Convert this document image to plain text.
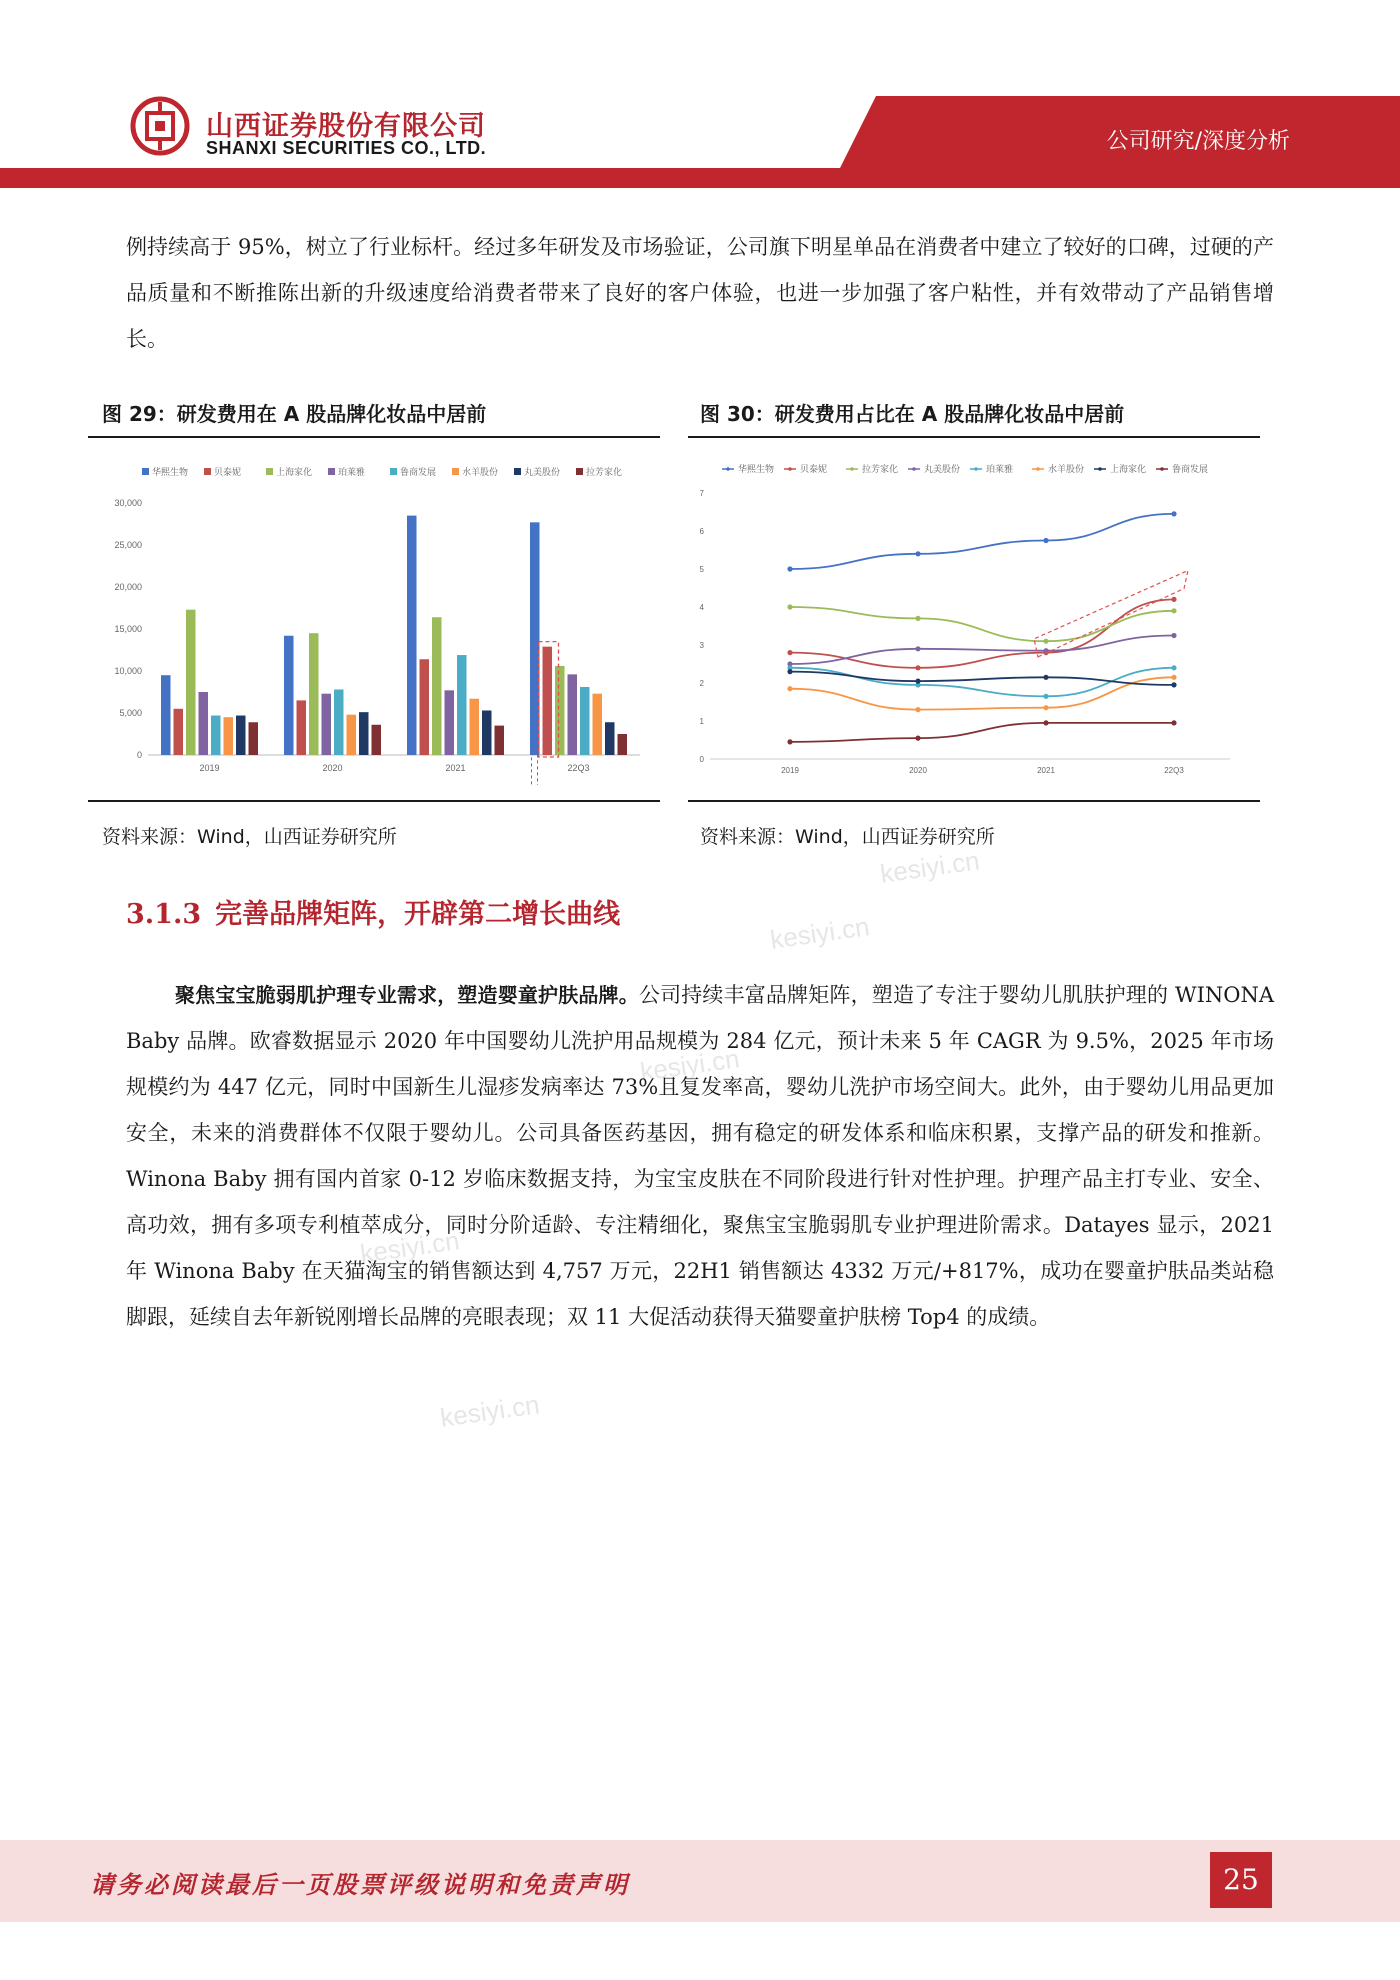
山西证券股份有限公司
SHANXI SECURITIES CO., LTD.	公司研究/深度分析

例持续高于 95%，树立了行业标杆。经过多年研发及市场验证，公司旗下明星单品在消费者中建立了较好的口碑，过硬的产品质量和不断推陈出新的升级速度给消费者带来了良好的客户体验，也进一步加强了客户粘性，并有效带动了产品销售增长。

图 29：研发费用在 A 股品牌化妆品中居前
华熙生物	贝泰妮	上海家化	珀莱雅	鲁商发展	水羊股份	丸美股份	拉芳家化
0
5,000
10,000
15,000
20,000
25,000
30,000
2019	2020	2021	22Q3
资料来源：Wind，山西证券研究所
图 30：研发费用占比在 A 股品牌化妆品中居前
华熙生物	贝泰妮	拉芳家化	丸美股份	珀莱雅	水羊股份	上海家化	鲁商发展
0
1
2
3
4
5
6
7
2019	2020	2021	22Q3
资料来源：Wind，山西证券研究所
kesiyi.cn
kesiyi.cn
kesiyi.cn
kesiyi.cn
kesiyi.cn
3.1.3 完善品牌矩阵，开辟第二增长曲线

聚焦宝宝脆弱肌护理专业需求，塑造婴童护肤品牌。公司持续丰富品牌矩阵，塑造了专注于婴幼儿肌肤护理的 WINONA Baby 品牌。欧睿数据显示 2020 年中国婴幼儿洗护用品规模为 284 亿元，预计未来 5 年 CAGR 为 9.5%，2025 年市场规模约为 447 亿元，同时中国新生儿湿疹发病率达 73%且复发率高，婴幼儿洗护市场空间大。此外，由于婴幼儿用品更加安全，未来的消费群体不仅限于婴幼儿。公司具备医药基因，拥有稳定的研发体系和临床积累，支撑产品的研发和推新。Winona Baby 拥有国内首家 0-12 岁临床数据支持，为宝宝皮肤在不同阶段进行针对性护理。护理产品主打专业、安全、高功效，拥有多项专利植萃成分，同时分阶适龄、专注精细化，聚焦宝宝脆弱肌专业护理进阶需求。Datayes 显示，2021 年 Winona Baby 在天猫淘宝的销售额达到 4,757 万元，22H1 销售额达 4332 万元/+817%，成功在婴童护肤品类站稳脚跟，延续自去年新锐刚增长品牌的亮眼表现；双 11 大促活动获得天猫婴童护肤榜 Top4 的成绩。

请务必阅读最后一页股票评级说明和免责声明	25
